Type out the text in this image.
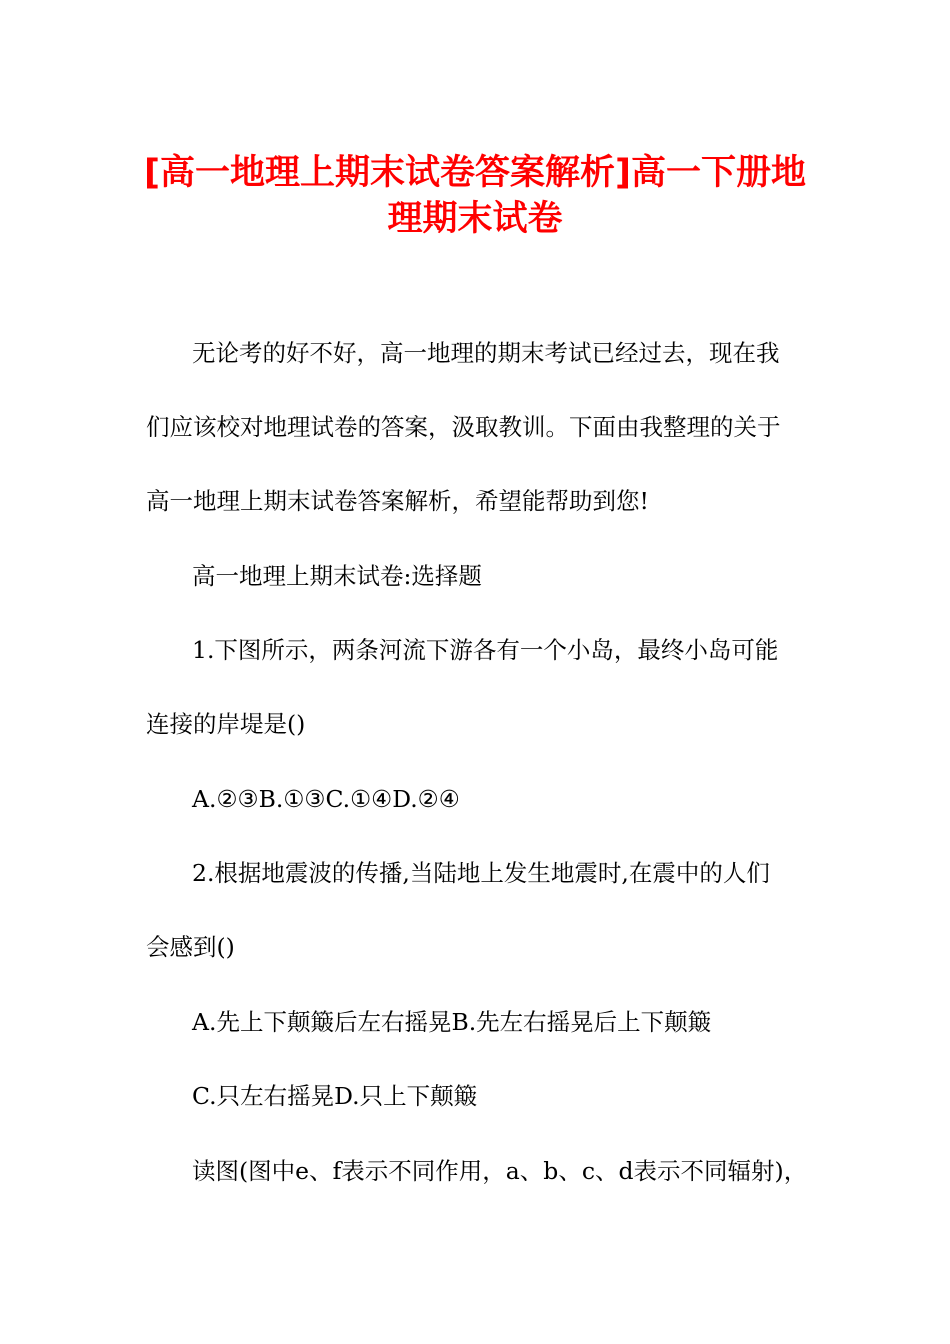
[高一地理上期末试卷答案解析]高一下册地
理期末试卷

无论考的好不好，高一地理的期末考试已经过去，现在我

们应该校对地理试卷的答案，汲取教训。下面由我整理的关于

高一地理上期末试卷答案解析，希望能帮助到您!

高一地理上期末试卷:选择题

1.下图所示，两条河流下游各有一个小岛，最终小岛可能

连接的岸堤是()

A.②③B.①③C.①④D.②④

2.根据地震波的传播,当陆地上发生地震时,在震中的人们

会感到()

A.先上下颠簸后左右摇晃B.先左右摇晃后上下颠簸

C.只左右摇晃D.只上下颠簸

读图(图中e、f表示不同作用，a、b、c、d表示不同辐射)，
